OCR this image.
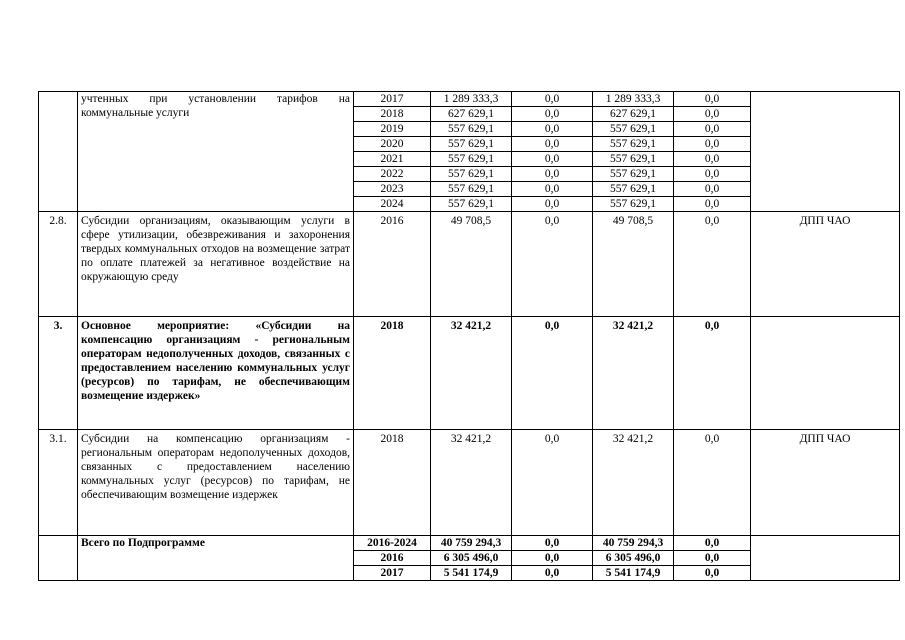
	учтенных при установлении тарифов на коммунальные услуги	2017	1 289 333,3	0,0	1 289 333,3	0,0	
		2018	627 629,1	0,0	627 629,1	0,0	
		2019	557 629,1	0,0	557 629,1	0,0	
		2020	557 629,1	0,0	557 629,1	0,0	
		2021	557 629,1	0,0	557 629,1	0,0	
		2022	557 629,1	0,0	557 629,1	0,0	
		2023	557 629,1	0,0	557 629,1	0,0	
		2024	557 629,1	0,0	557 629,1	0,0	
2.8.	Субсидии организациям, оказывающим услуги в сфере утилизации, обезвреживания и захоронения твердых коммунальных отходов на возмещение затрат по оплате платежей за негативное воздействие на окружающую среду	2016	49 708,5	0,0	49 708,5	0,0	ДПП ЧАО
3.	Основное мероприятие: «Субсидии на компенсацию организациям - региональным операторам недополученных доходов, связанных с предоставлением населению коммунальных услуг (ресурсов) по тарифам, не обеспечивающим возмещение издержек»	2018	32 421,2	0,0	32 421,2	0,0	
3.1.	Субсидии на компенсацию организациям - региональным операторам недополученных доходов, связанных с предоставлением населению коммунальных услуг (ресурсов) по тарифам, не обеспечивающим возмещение издержек	2018	32 421,2	0,0	32 421,2	0,0	ДПП ЧАО
	Всего по Подпрограмме	2016-2024	40 759 294,3	0,0	40 759 294,3	0,0	
		2016	6 305 496,0	0,0	6 305 496,0	0,0	
		2017	5 541 174,9	0,0	5 541 174,9	0,0	
